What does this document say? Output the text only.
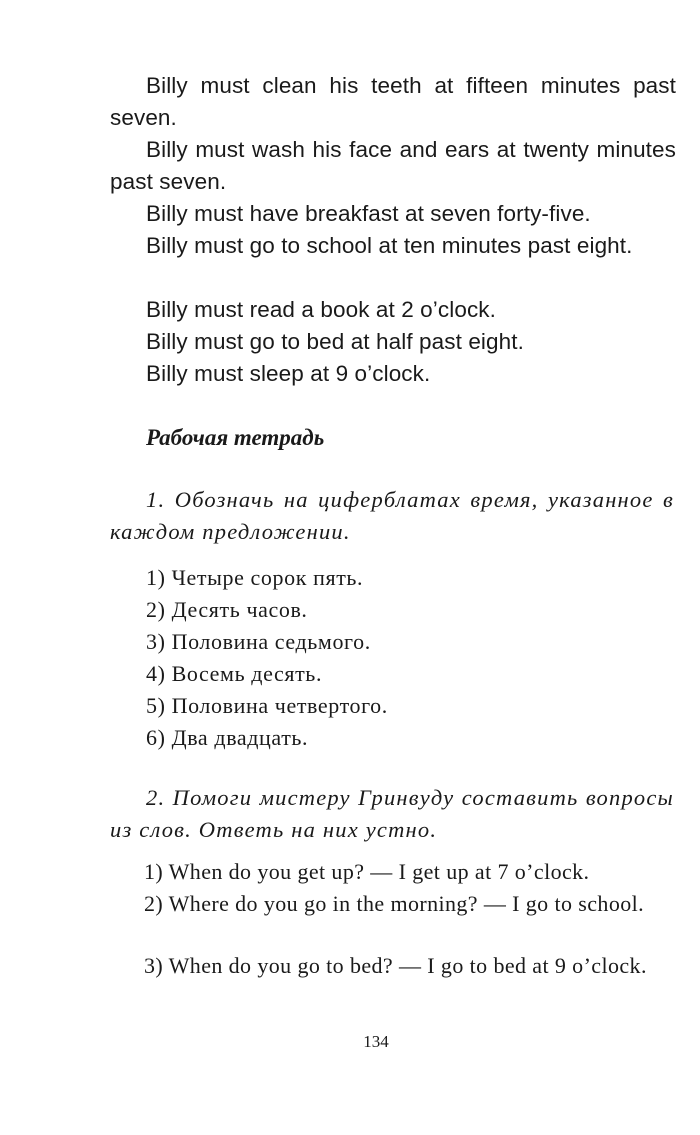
Billy must clean his teeth at fifteen minutes past seven.

Billy must wash his face and ears at twenty minutes past seven.

Billy must have breakfast at seven forty-five.

Billy must go to school at ten minutes past eight.

Billy must read a book at 2 o’clock.

Billy must go to bed at half past eight.

Billy must sleep at 9 o’clock.

Рабочая тетрадь

1. Обозначь на циферблатах время, указанное в каждом предложении.

1) Четыре сорок пять.

2) Десять часов.

3) Половина седьмого.

4) Восемь десять.

5) Половина четвертого.

6) Два двадцать.

2. Помоги мистеру Гринвуду составить вопросы из слов. Ответь на них устно.

1) When do you get up? — I get up at 7 o’clock.

2) Where do you go in the morning? — I go to school.

3) When do you go to bed? — I go to bed at 9 o’clock.

134
